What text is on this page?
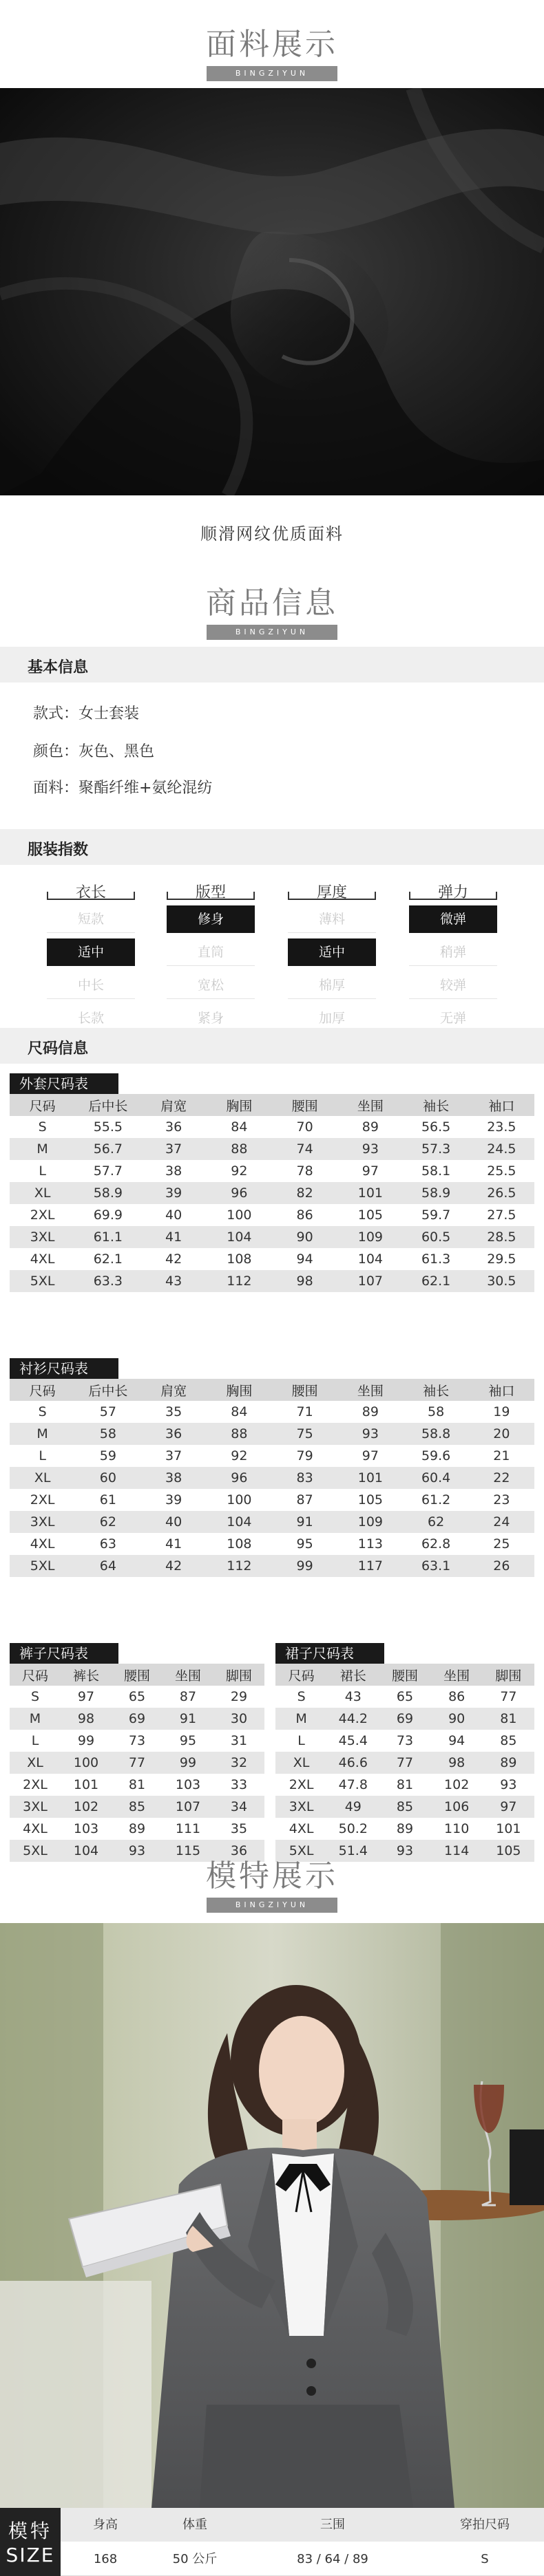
面料展示
BINGZIYUN
顺滑网纹优质面料
商品信息
BINGZIYUN
基本信息
款式：女士套装
颜色：灰色、黑色
面料：聚酯纤维+氨纶混纺
服装指数
衣长
短款
适中
中长
长款
版型
修身
直筒
宽松
紧身
厚度
薄料
适中
棉厚
加厚
弹力
微弹
稍弹
较弹
无弹
尺码信息
外套尺码表
尺码	后中长	肩宽	胸围	腰围	坐围	袖长	袖口
S	55.5	36	84	70	89	56.5	23.5
M	56.7	37	88	74	93	57.3	24.5
L	57.7	38	92	78	97	58.1	25.5
XL	58.9	39	96	82	101	58.9	26.5
2XL	69.9	40	100	86	105	59.7	27.5
3XL	61.1	41	104	90	109	60.5	28.5
4XL	62.1	42	108	94	104	61.3	29.5
5XL	63.3	43	112	98	107	62.1	30.5
衬衫尺码表
尺码	后中长	肩宽	胸围	腰围	坐围	袖长	袖口
S	57	35	84	71	89	58	19
M	58	36	88	75	93	58.8	20
L	59	37	92	79	97	59.6	21
XL	60	38	96	83	101	60.4	22
2XL	61	39	100	87	105	61.2	23
3XL	62	40	104	91	109	62	24
4XL	63	41	108	95	113	62.8	25
5XL	64	42	112	99	117	63.1	26
裤子尺码表
尺码	裤长	腰围	坐围	脚围
S	97	65	87	29
M	98	69	91	30
L	99	73	95	31
XL	100	77	99	32
2XL	101	81	103	33
3XL	102	85	107	34
4XL	103	89	111	35
5XL	104	93	115	36
裙子尺码表
尺码	裙长	腰围	坐围	脚围
S	43	65	86	77
M	44.2	69	90	81
L	45.4	73	94	85
XL	46.6	77	98	89
2XL	47.8	81	102	93
3XL	49	85	106	97
4XL	50.2	89	110	101
5XL	51.4	93	114	105
模特展示
BINGZIYUN
模特
SIZE
身高	体重	三围	穿拍尺码
168	50 公斤	83 / 64 / 89	S
